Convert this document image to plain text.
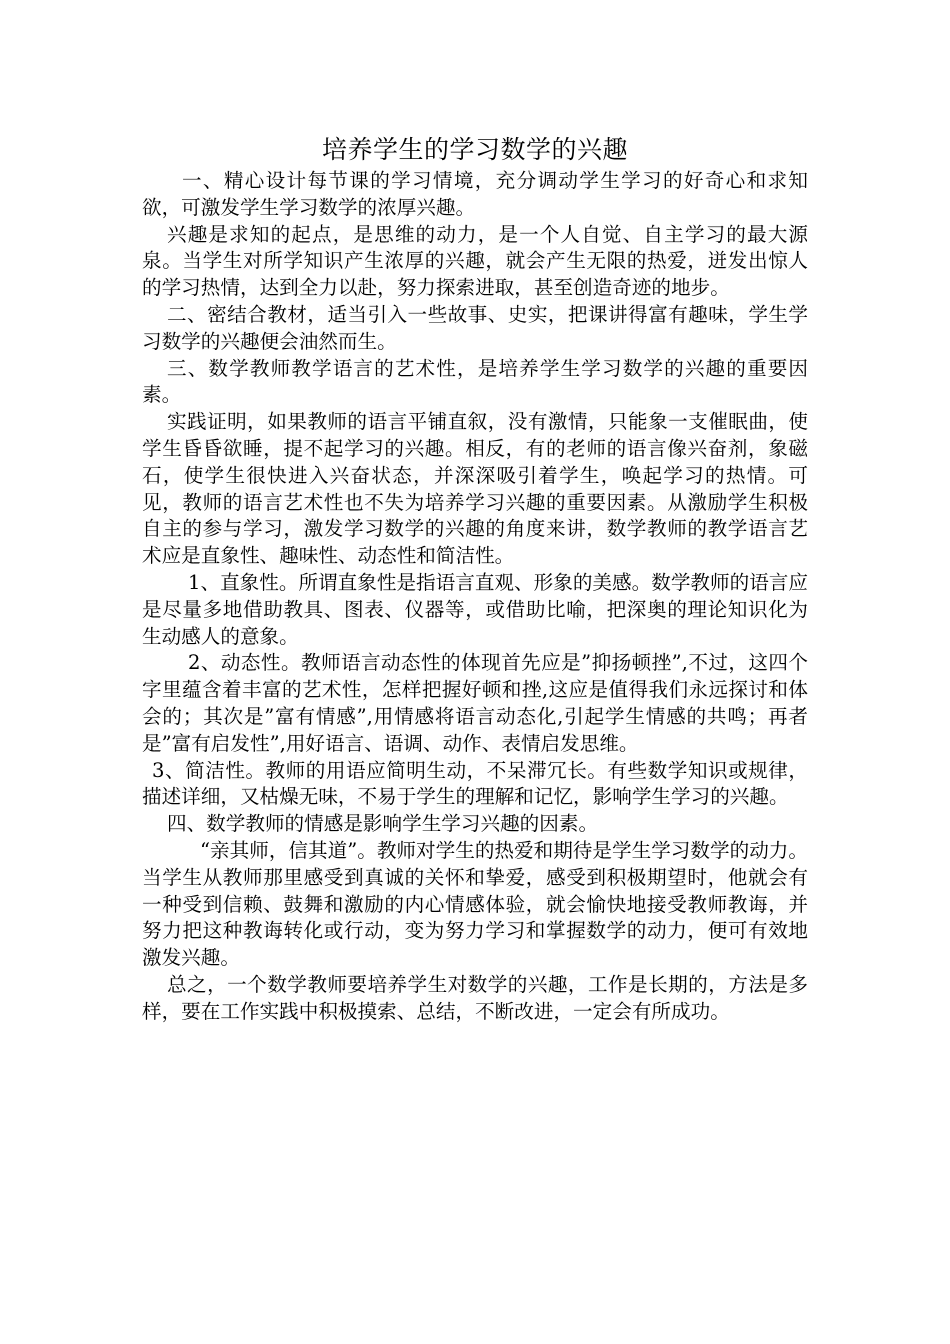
培养学生的学习数学的兴趣

一、精心设计每节课的学习情境，充分调动学生学习的好奇心和求知欲，可激发学生学习数学的浓厚兴趣。

兴趣是求知的起点，是思维的动力，是一个人自觉、自主学习的最大源泉。当学生对所学知识产生浓厚的兴趣，就会产生无限的热爱，迸发出惊人的学习热情，达到全力以赴，努力探索进取，甚至创造奇迹的地步。

二、密结合教材，适当引入一些故事、史实，把课讲得富有趣味，学生学习数学的兴趣便会油然而生。

三、数学教师教学语言的艺术性，是培养学生学习数学的兴趣的重要因素。

实践证明，如果教师的语言平铺直叙，没有激情，只能象一支催眠曲，使学生昏昏欲睡，提不起学习的兴趣。相反，有的老师的语言像兴奋剂，象磁石，使学生很快进入兴奋状态，并深深吸引着学生，唤起学习的热情。可见，教师的语言艺术性也不失为培养学习兴趣的重要因素。从激励学生积极自主的参与学习，激发学习数学的兴趣的角度来讲，数学教师的教学语言艺术应是直象性、趣味性、动态性和简洁性。

1、直象性。所谓直象性是指语言直观、形象的美感。数学教师的语言应是尽量多地借助教具、图表、仪器等，或借助比喻，把深奥的理论知识化为生动感人的意象。

2、动态性。教师语言动态性的体现首先应是”抑扬顿挫”,不过，这四个字里蕴含着丰富的艺术性，怎样把握好顿和挫,这应是值得我们永远探讨和体会的；其次是”富有情感”,用情感将语言动态化,引起学生情感的共鸣；再者是”富有启发性”,用好语言、语调、动作、表情启发思维。

3、简洁性。教师的用语应简明生动，不呆滞冗长。有些数学知识或规律，描述详细，又枯燥无味，不易于学生的理解和记忆，影响学生学习的兴趣。

四、数学教师的情感是影响学生学习兴趣的因素。

“亲其师，信其道”。教师对学生的热爱和期待是学生学习数学的动力。当学生从教师那里感受到真诚的关怀和挚爱，感受到积极期望时，他就会有一种受到信赖、鼓舞和激励的内心情感体验，就会愉快地接受教师教诲，并努力把这种教诲转化或行动，变为努力学习和掌握数学的动力，便可有效地激发兴趣。

总之，一个数学教师要培养学生对数学的兴趣，工作是长期的，方法是多样，要在工作实践中积极摸索、总结，不断改进，一定会有所成功。
